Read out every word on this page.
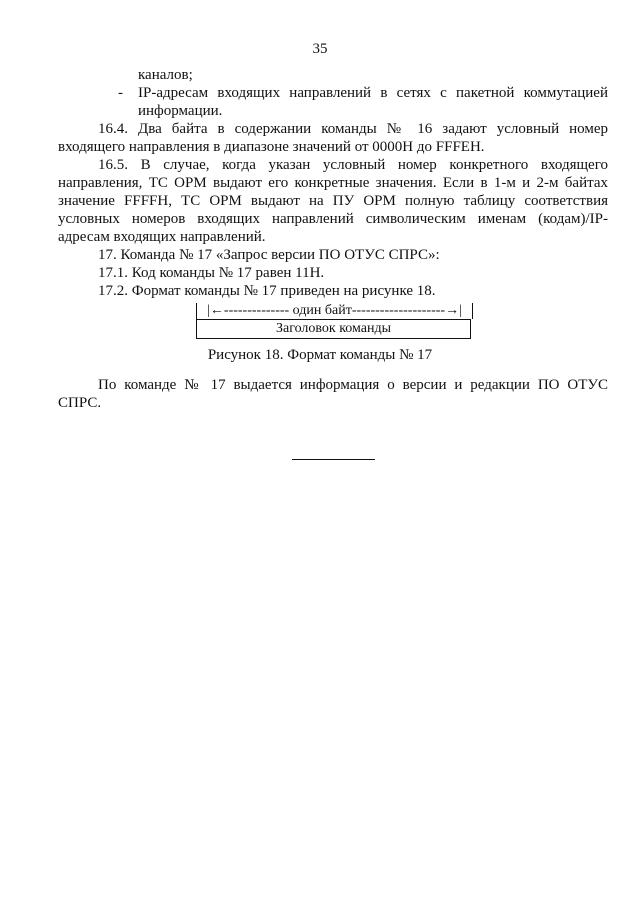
35
каналов;
- IP-адресам входящих направлений в сетях с пакетной коммутацией
информации.
16.4. Два байта в содержании команды № 16 задают условный номер
входящего направления в диапазоне значений от 0000Н до FFFEH.
16.5. В случае, когда указан условный номер конкретного входящего
направления, ТС ОРМ выдают его конкретные значения. Если в 1-м и 2-м байтах
значение FFFFH, ТС ОРМ выдают на ПУ ОРМ полную таблицу соответствия
условных номеров входящих направлений символическим именам (кодам)/IP-
адресам входящих направлений.
17. Команда № 17 «Запрос версии ПО ОТУС СПРС»:
17.1. Код команды № 17 равен 11Н.
17.2. Формат команды № 17 приведен на рисунке 18.
|←-------------- один байт--------------------→|
Заголовок команды
Рисунок 18. Формат команды № 17
По команде № 17 выдается информация о версии и редакции ПО ОТУС
СПРС.
